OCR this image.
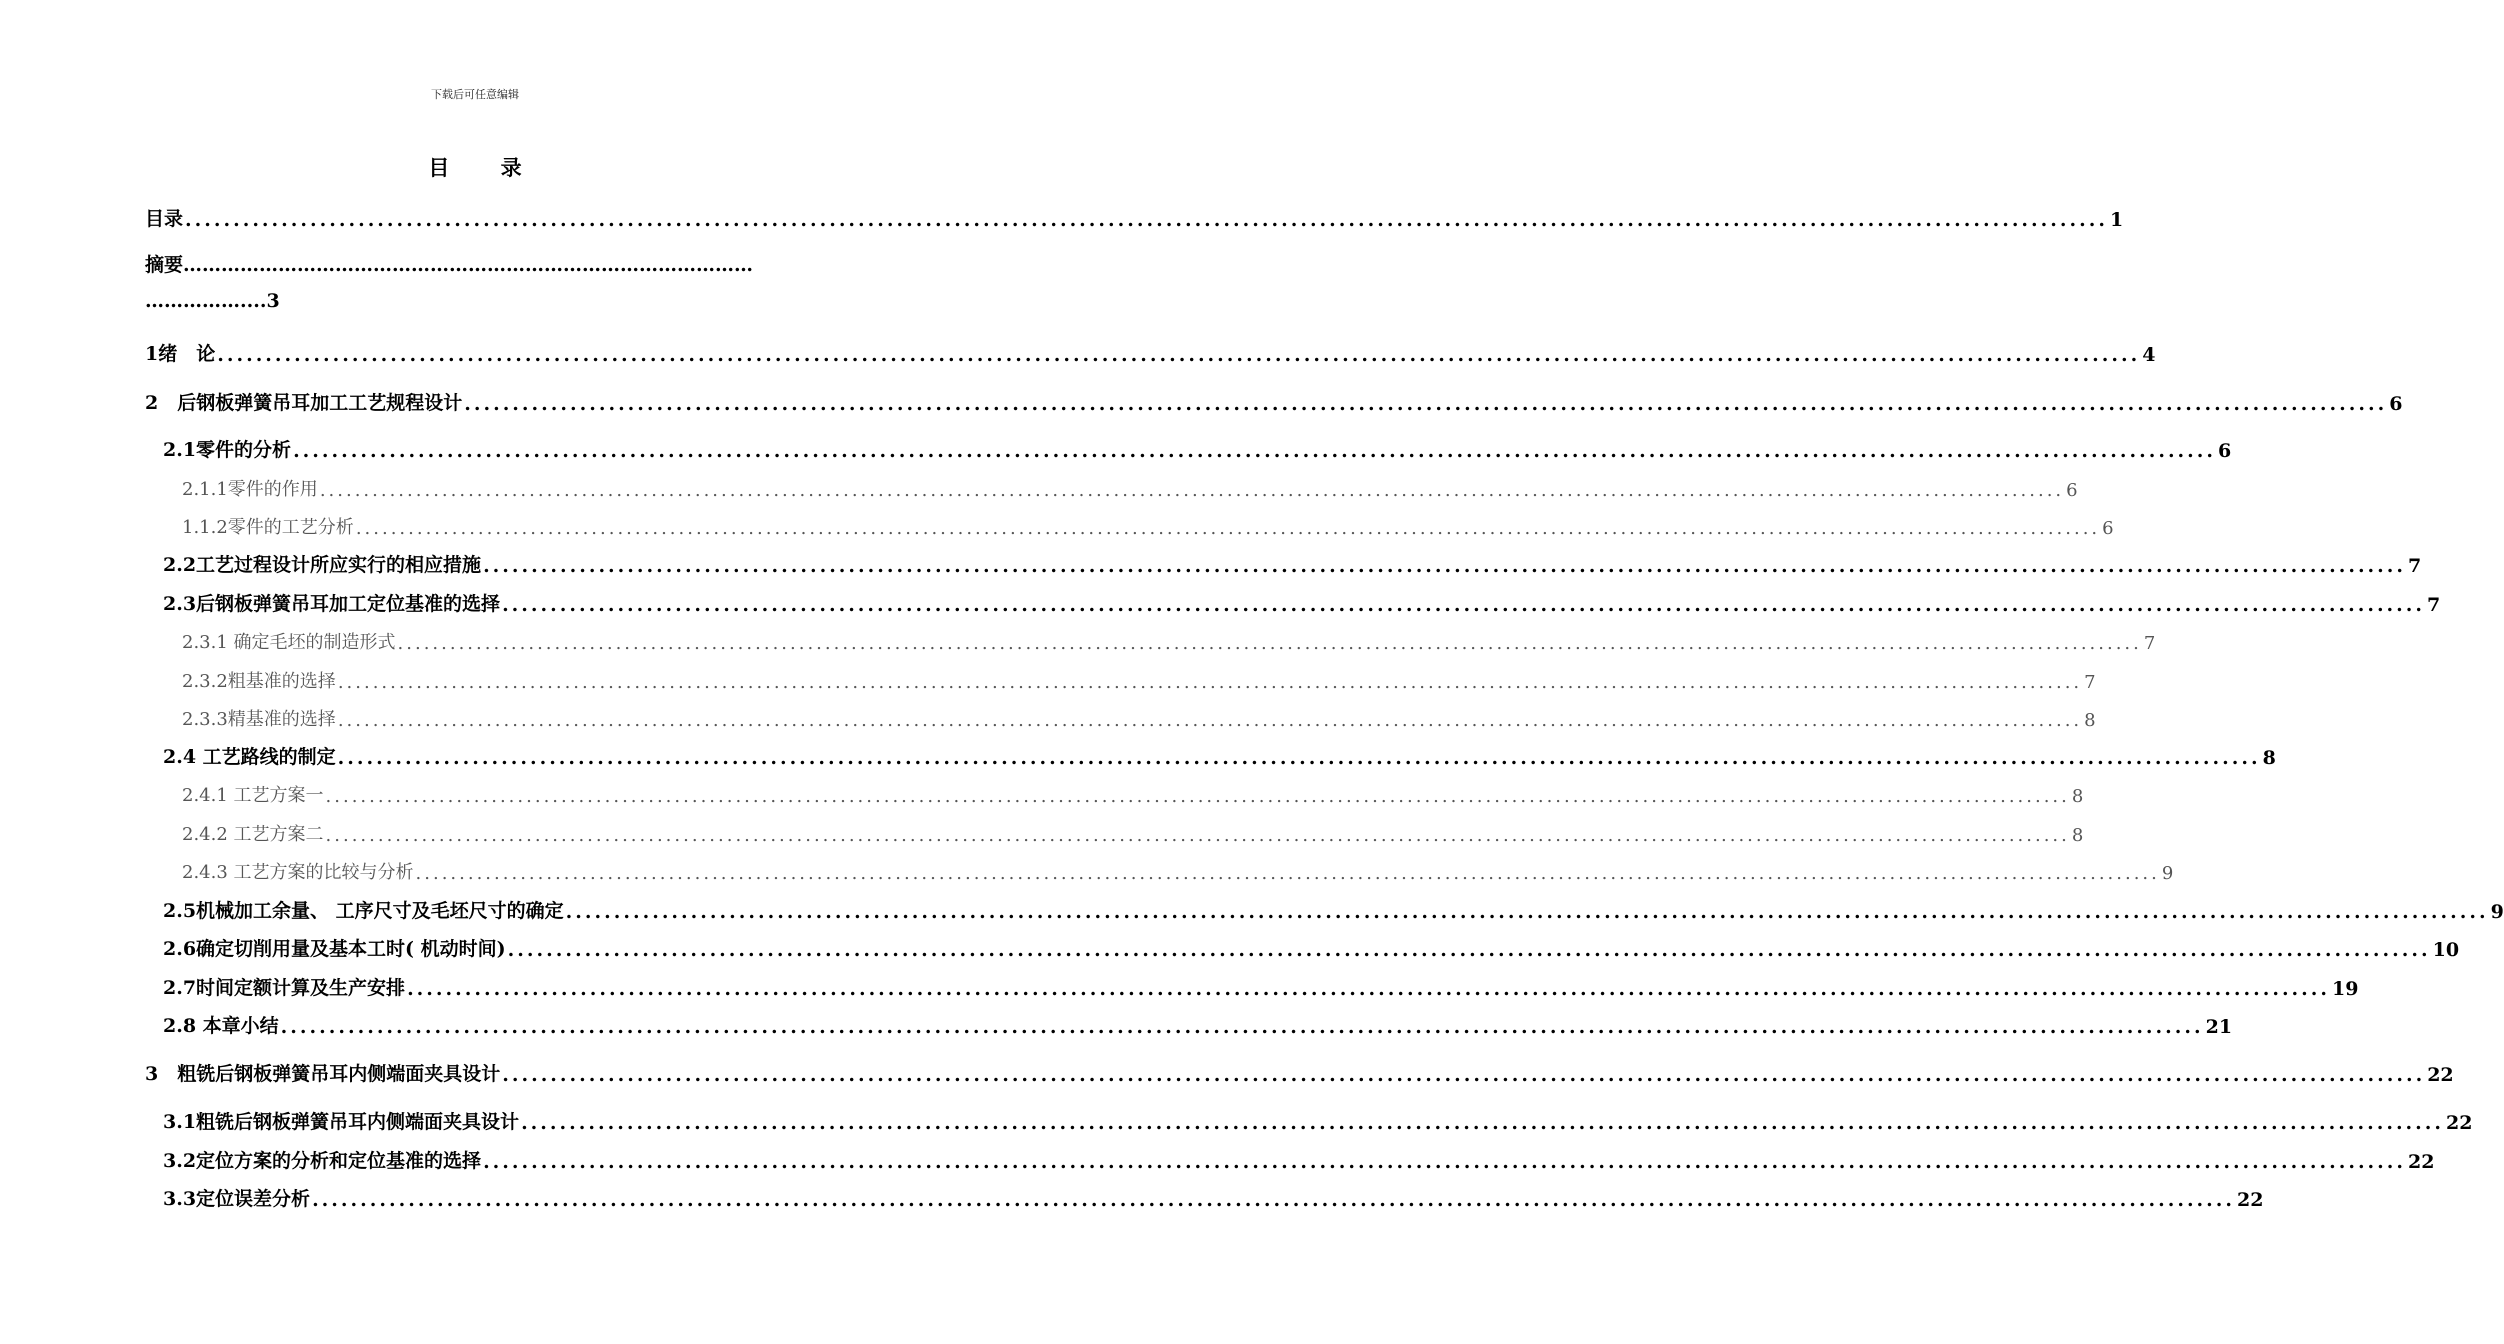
下载后可任意编辑
目 录
摘要………………………………………………………………………………
……………....3
目录 ........................................................................................................................................................................................................ 1
1绪　论 ........................................................................................................................................................................................................ 4
2　后钢板弹簧吊耳加工工艺规程设计 ........................................................................................................................................................................................................ 6
2.1零件的分析 ........................................................................................................................................................................................................ 6
2.1.1零件的作用 ........................................................................................................................................................................................................ 6
1.1.2零件的工艺分析 ........................................................................................................................................................................................................ 6
2.2工艺过程设计所应实行的相应措施 ........................................................................................................................................................................................................ 7
2.3后钢板弹簧吊耳加工定位基准的选择 ........................................................................................................................................................................................................ 7
2.3.1 确定毛坯的制造形式 ........................................................................................................................................................................................................ 7
2.3.2粗基准的选择 ........................................................................................................................................................................................................ 7
2.3.3精基准的选择 ........................................................................................................................................................................................................ 8
2.4 工艺路线的制定 ........................................................................................................................................................................................................ 8
2.4.1 工艺方案一 ........................................................................................................................................................................................................ 8
2.4.2 工艺方案二 ........................................................................................................................................................................................................ 8
2.4.3 工艺方案的比较与分析 ........................................................................................................................................................................................................ 9
2.5机械加工余量、 工序尺寸及毛坯尺寸的确定 ........................................................................................................................................................................................................ 9
2.6确定切削用量及基本工时( 机动时间) ........................................................................................................................................................................................................ 10
2.7时间定额计算及生产安排 ........................................................................................................................................................................................................ 19
2.8 本章小结 ........................................................................................................................................................................................................ 21
3　粗铣后钢板弹簧吊耳内侧端面夹具设计 ........................................................................................................................................................................................................ 22
3.1粗铣后钢板弹簧吊耳内侧端面夹具设计 ........................................................................................................................................................................................................ 22
3.2定位方案的分析和定位基准的选择 ........................................................................................................................................................................................................ 22
3.3定位误差分析 ........................................................................................................................................................................................................ 22
